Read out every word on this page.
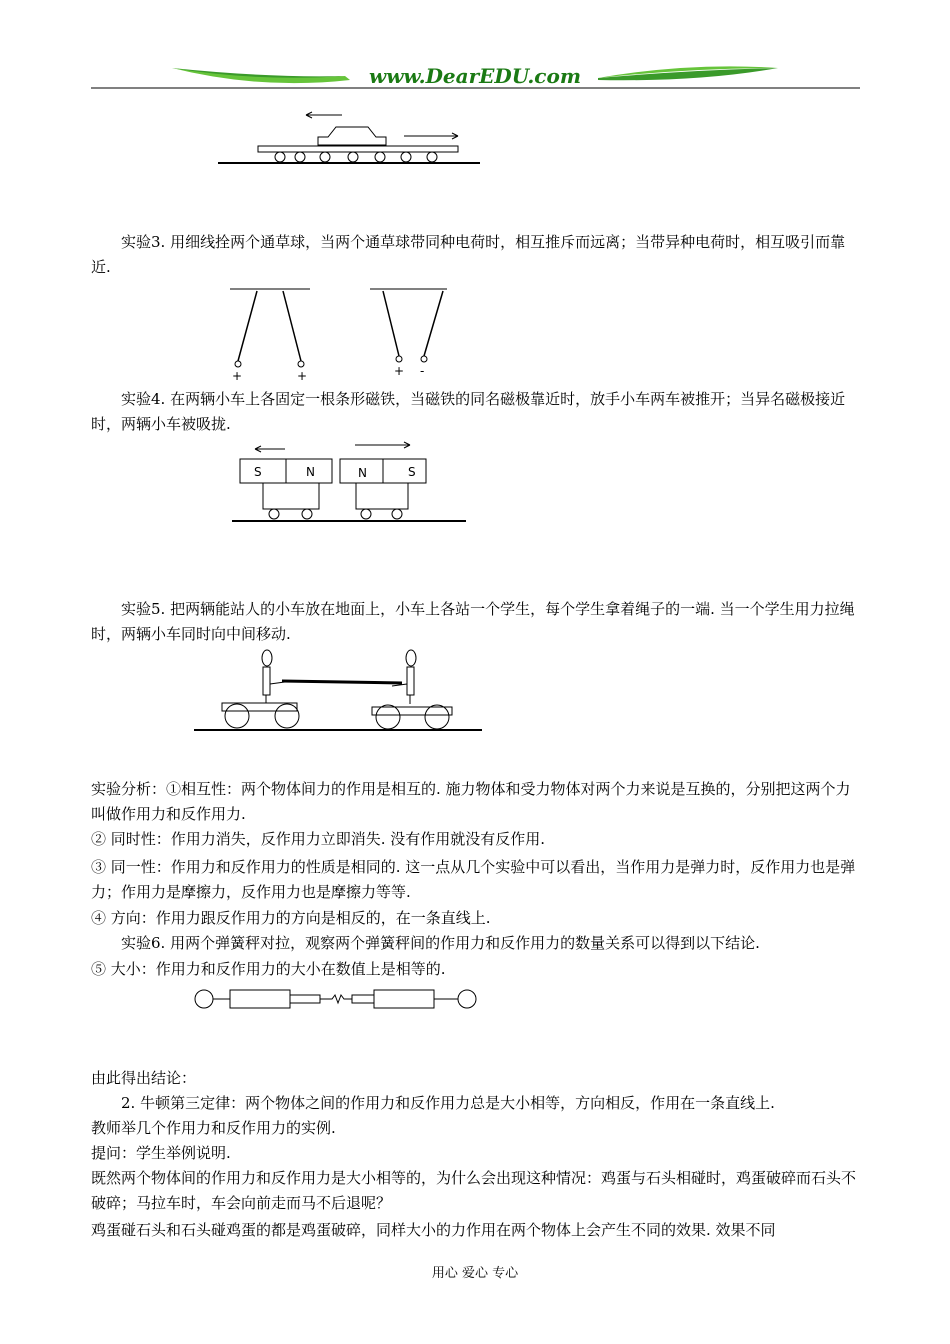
www.DearEDU.com
实验3. 用细线拴两个通草球，当两个通草球带同种电荷时，相互推斥而远离；当带异种电荷时，相互吸引而靠近.
+	+	+ -
实验4. 在两辆小车上各固定一根条形磁铁，当磁铁的同名磁极靠近时，放手小车两车被推开；当异名磁极接近时，两辆小车被吸拢.
S	N	N	S
实验5. 把两辆能站人的小车放在地面上，小车上各站一个学生，每个学生拿着绳子的一端. 当一个学生用力拉绳时，两辆小车同时向中间移动.
实验分析：①相互性：两个物体间力的作用是相互的. 施力物体和受力物体对两个力来说是互换的，分别把这两个力叫做作用力和反作用力.
② 同时性：作用力消失，反作用力立即消失. 没有作用就没有反作用.
③ 同一性：作用力和反作用力的性质是相同的. 这一点从几个实验中可以看出，当作用力是弹力时，反作用力也是弹力；作用力是摩擦力，反作用力也是摩擦力等等.
④ 方向：作用力跟反作用力的方向是相反的，在一条直线上.
实验6. 用两个弹簧秤对拉，观察两个弹簧秤间的作用力和反作用力的数量关系可以得到以下结论.
⑤ 大小：作用力和反作用力的大小在数值上是相等的.
由此得出结论：
2. 牛顿第三定律：两个物体之间的作用力和反作用力总是大小相等，方向相反，作用在一条直线上.
教师举几个作用力和反作用力的实例.
提问：学生举例说明.
既然两个物体间的作用力和反作用力是大小相等的，为什么会出现这种情况：鸡蛋与石头相碰时，鸡蛋破碎而石头不破碎；马拉车时，车会向前走而马不后退呢？
鸡蛋碰石头和石头碰鸡蛋的都是鸡蛋破碎，同样大小的力作用在两个物体上会产生不同的效果. 效果不同
用心 爱心 专心
